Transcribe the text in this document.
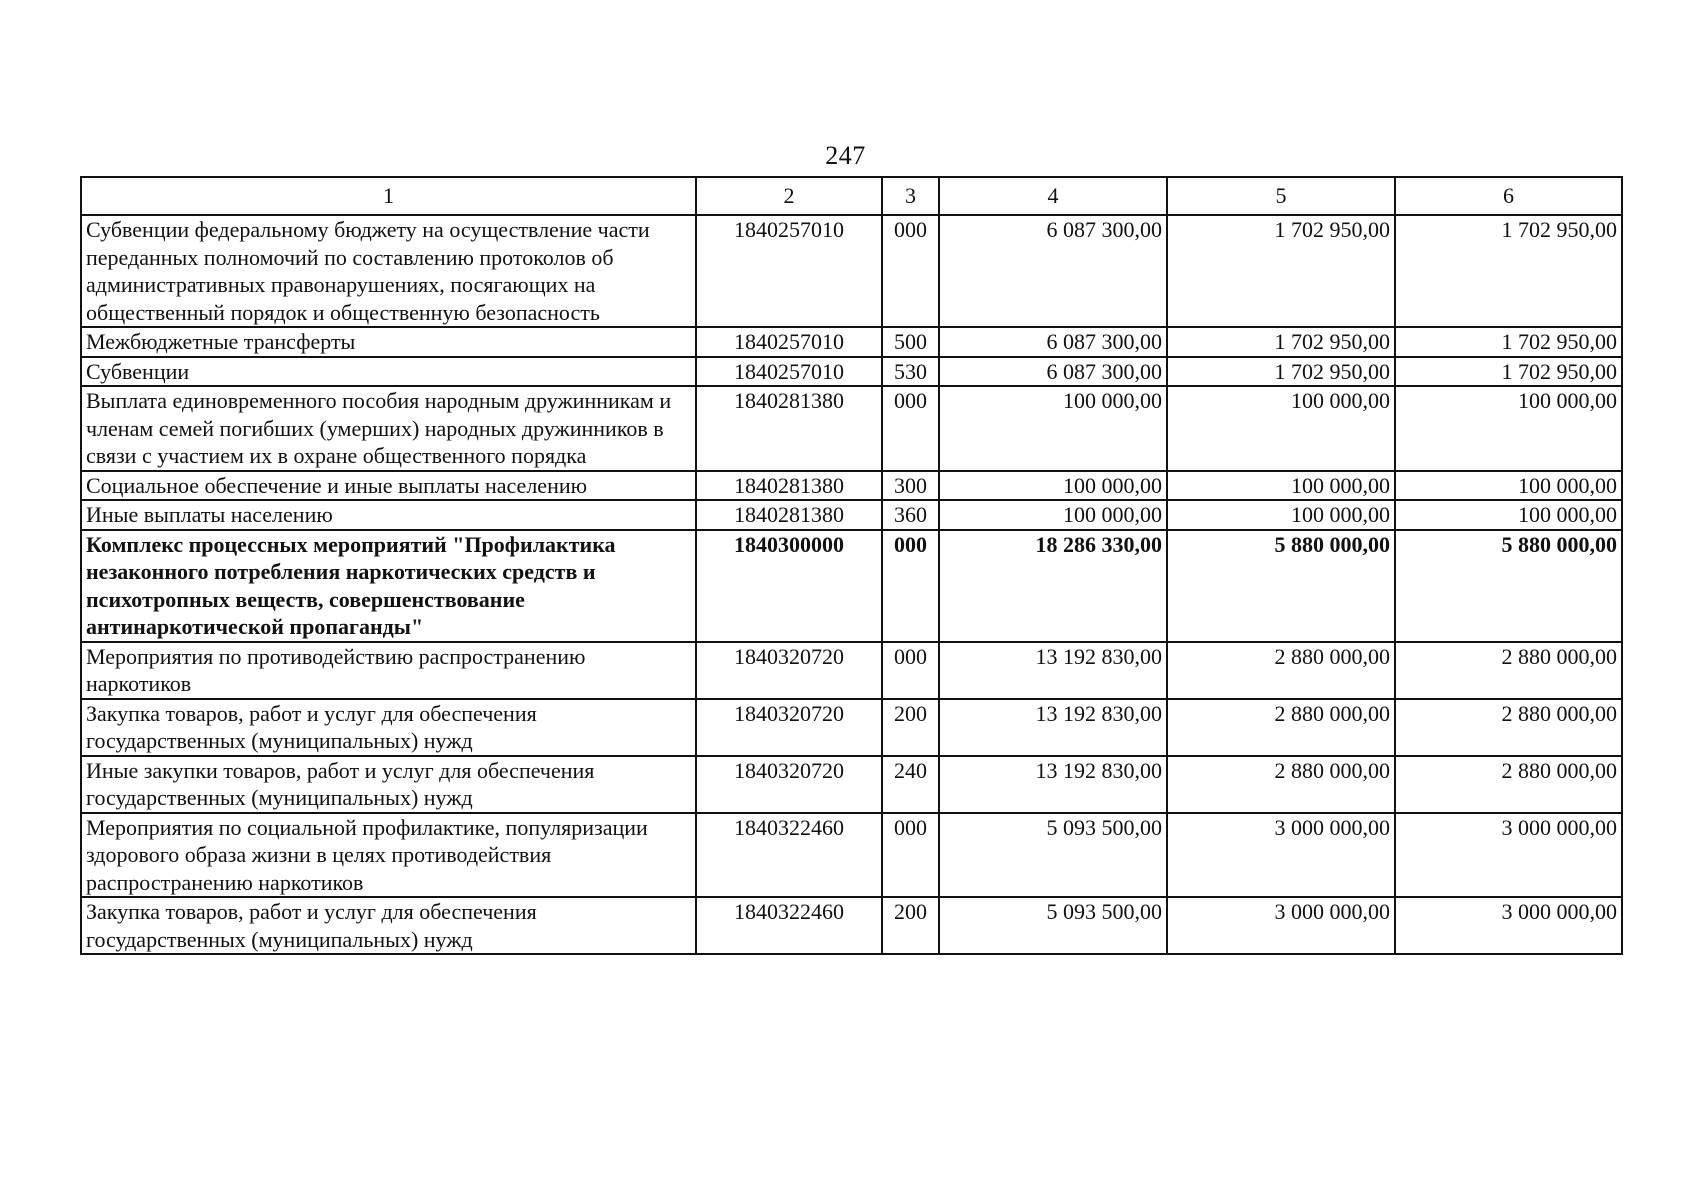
247
1	2	3	4	5	6
Субвенции федеральному бюджету на осуществление части переданных полномочий по составлению протоколов об административных правонарушениях, посягающих на общественный порядок и общественную безопасность	1840257010	000	6 087 300,00	1 702 950,00	1 702 950,00
Межбюджетные трансферты	1840257010	500	6 087 300,00	1 702 950,00	1 702 950,00
Субвенции	1840257010	530	6 087 300,00	1 702 950,00	1 702 950,00
Выплата единовременного пособия народным дружинникам и членам семей погибших (умерших) народных дружинников в связи с участием их в охране общественного порядка	1840281380	000	100 000,00	100 000,00	100 000,00
Социальное обеспечение и иные выплаты населению	1840281380	300	100 000,00	100 000,00	100 000,00
Иные выплаты населению	1840281380	360	100 000,00	100 000,00	100 000,00
Комплекс процессных мероприятий "Профилактика незаконного потребления наркотических средств и психотропных веществ, совершенствование антинаркотической пропаганды"	1840300000	000	18 286 330,00	5 880 000,00	5 880 000,00
Мероприятия по противодействию распространению наркотиков	1840320720	000	13 192 830,00	2 880 000,00	2 880 000,00
Закупка товаров, работ и услуг для обеспечения государственных (муниципальных) нужд	1840320720	200	13 192 830,00	2 880 000,00	2 880 000,00
Иные закупки товаров, работ и услуг для обеспечения государственных (муниципальных) нужд	1840320720	240	13 192 830,00	2 880 000,00	2 880 000,00
Мероприятия по социальной профилактике, популяризации здорового образа жизни в целях противодействия распространению наркотиков	1840322460	000	5 093 500,00	3 000 000,00	3 000 000,00
Закупка товаров, работ и услуг для обеспечения государственных (муниципальных) нужд	1840322460	200	5 093 500,00	3 000 000,00	3 000 000,00
